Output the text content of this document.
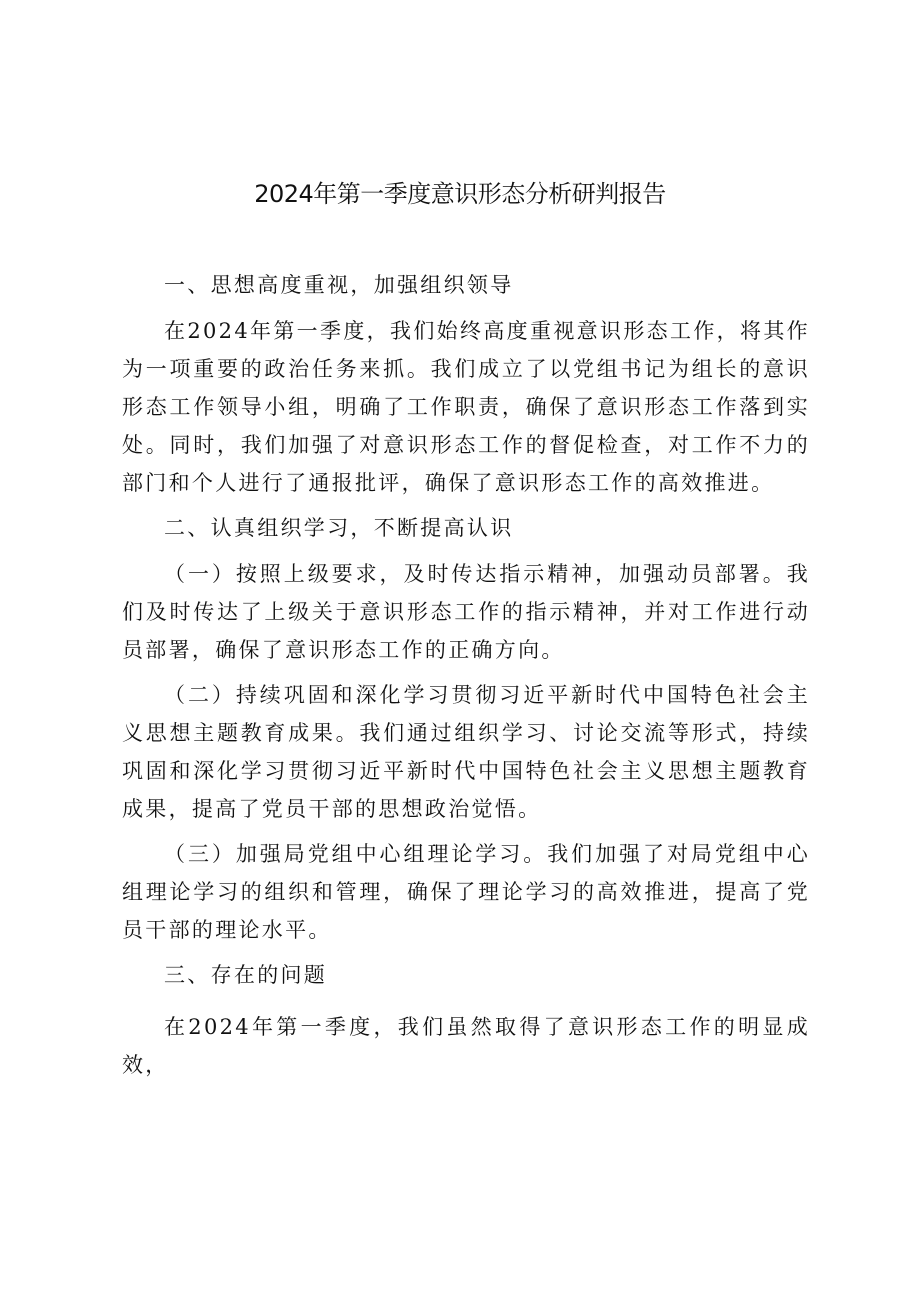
2024年第一季度意识形态分析研判报告

一、思想高度重视，加强组织领导

在2024年第一季度，我们始终高度重视意识形态工作，将其作为一项重要的政治任务来抓。我们成立了以党组书记为组长的意识形态工作领导小组，明确了工作职责，确保了意识形态工作落到实处。同时，我们加强了对意识形态工作的督促检查，对工作不力的部门和个人进行了通报批评，确保了意识形态工作的高效推进。

二、认真组织学习，不断提高认识

（一）按照上级要求，及时传达指示精神，加强动员部署。我们及时传达了上级关于意识形态工作的指示精神，并对工作进行动员部署，确保了意识形态工作的正确方向。

（二）持续巩固和深化学习贯彻习近平新时代中国特色社会主义思想主题教育成果。我们通过组织学习、讨论交流等形式，持续巩固和深化学习贯彻习近平新时代中国特色社会主义思想主题教育成果，提高了党员干部的思想政治觉悟。

（三）加强局党组中心组理论学习。我们加强了对局党组中心组理论学习的组织和管理，确保了理论学习的高效推进，提高了党员干部的理论水平。

三、存在的问题

在2024年第一季度，我们虽然取得了意识形态工作的明显成效，
